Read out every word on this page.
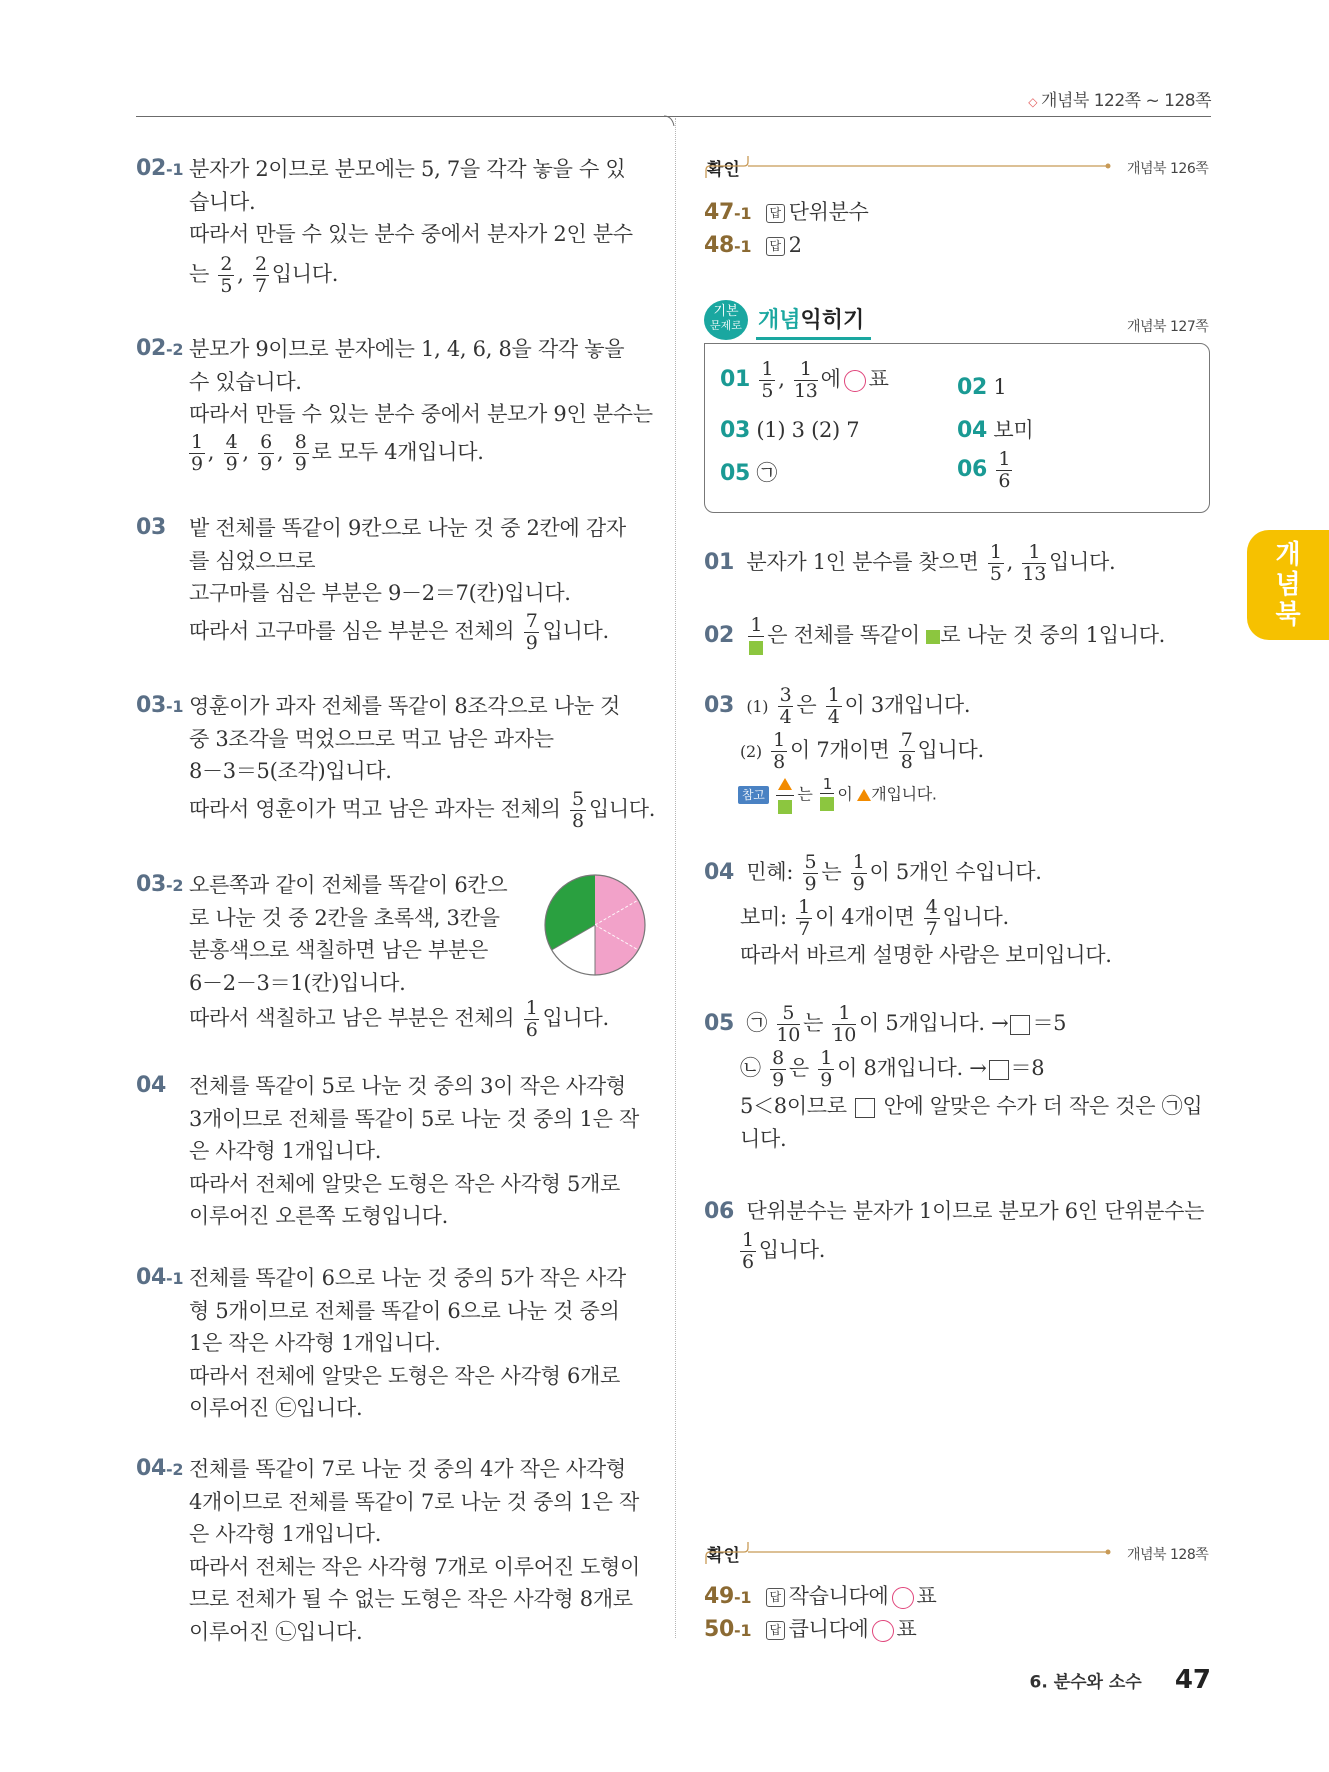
◇ 개념북 122쪽 ~ 128쪽
02-1 분자가 2이므로 분모에는 5, 7을 각각 놓을 수 있
습니다.
따라서 만들 수 있는 분수 중에서 분자가 2인 분수
는 $\frac{2}{5}$ , $\frac{2}{7}$ 입니다.
02-2 분모가 9이므로 분자에는 1, 4, 6, 8을 각각 놓을
수 있습니다.
따라서 만들 수 있는 분수 중에서 분모가 9인 분수는
$\frac{1}{9}$ , $\frac{4}{9}$ , $\frac{6}{9}$ , $\frac{8}{9}$ 로 모두 4개입니다.
03 밭 전체를 똑같이 9칸으로 나눈 것 중 2칸에 감자
를 심었으므로
고구마를 심은 부분은 9－2＝7(칸)입니다.
따라서 고구마를 심은 부분은 전체의 $\frac{7}{9}$ 입니다.
03-1 영훈이가 과자 전체를 똑같이 8조각으로 나눈 것
중 3조각을 먹었으므로 먹고 남은 과자는
8－3＝5(조각)입니다.
따라서 영훈이가 먹고 남은 과자는 전체의 $\frac{5}{8}$ 입니다.
03-2 오른쪽과 같이 전체를 똑같이 6칸으
로 나눈 것 중 2칸을 초록색, 3칸을
분홍색으로 색칠하면 남은 부분은
6－2－3＝1(칸)입니다.
따라서 색칠하고 남은 부분은 전체의 $\frac{1}{6}$ 입니다.
04 전체를 똑같이 5로 나눈 것 중의 3이 작은 사각형
3개이므로 전체를 똑같이 5로 나눈 것 중의 1은 작
은 사각형 1개입니다.
따라서 전체에 알맞은 도형은 작은 사각형 5개로
이루어진 오른쪽 도형입니다.
04-1 전체를 똑같이 6으로 나눈 것 중의 5가 작은 사각
형 5개이므로 전체를 똑같이 6으로 나눈 것 중의
1은 작은 사각형 1개입니다.
따라서 전체에 알맞은 도형은 작은 사각형 6개로
이루어진 ㉢입니다.
04-2 전체를 똑같이 7로 나눈 것 중의 4가 작은 사각형
4개이므로 전체를 똑같이 7로 나눈 것 중의 1은 작
은 사각형 1개입니다.
따라서 전체는 작은 사각형 7개로 이루어진 도형이
므로 전체가 될 수 없는 도형은 작은 사각형 8개로
이루어진 ㉡입니다.
확인	개념북 126쪽
47-1 답 단위분수
48-1 답 2
기본
문제로 개념익히기	개념북 127쪽
$01 \frac{1}{5}$ , $\frac{1}{13}$ 에 ○ 표	02 1
03 (1) 3 (2) 7	04 보미
05 ㉠	$06 \frac{1}{6}$
01 분자가 1인 분수를 찾으면 $\frac{1}{5}$ , $\frac{1}{13}$ 입니다.
02 1 은 전체를 똑같이 로 나눈 것 중의 1입니다.
03 $(1) \frac{3}{4}$ 은 $\frac{1}{4}$ 이 3개입니다.
$(2) \frac{1}{8}$ 이 7개이면 $\frac{7}{8}$ 입니다.
참고 는
1
이 개입니다.
04 민혜: $\frac{5}{9}$ 는 $\frac{1}{9}$ 이 5개인 수입니다.
보미: $\frac{1}{7}$ 이 4개이면 $\frac{4}{7}$ 입니다.
따라서 바르게 설명한 사람은 보미입니다.
05 ㉠ $\frac{5}{10}$ 는 $\frac{1}{10}$ 이 5개입니다. → ＝5
㉡ $\frac{8}{9}$ 은 $\frac{1}{9}$ 이 8개입니다. → ＝8
5＜8이므로 안에 알맞은 수가 더 작은 것은 ㉠입
니다.
06 단위분수는 분자가 1이므로 분모가 6인 단위분수는
$\frac{1}{6}$ 입니다.
확인	개념북 128쪽
49-1 답 작습니다에 ○ 표
50-1 답 큽니다에 ○ 표
개념북
6. 분수와 소수 47
